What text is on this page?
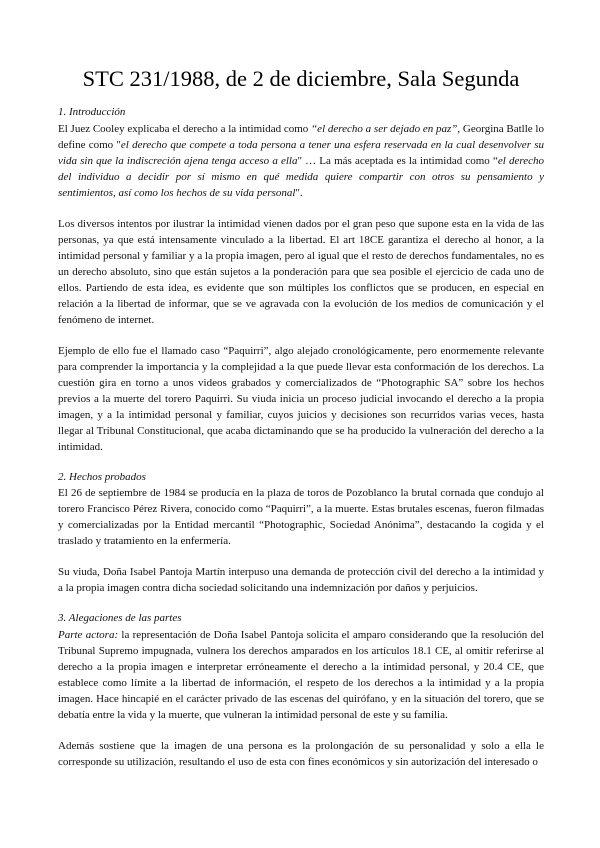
STC 231/1988, de 2 de diciembre, Sala Segunda
1. Introducción

El Juez Cooley explicaba el derecho a la intimidad como “el derecho a ser dejado en paz”, Georgina Batlle lo define como "el derecho que compete a toda persona a tener una esfera reservada en la cual desenvolver su vida sin que la indiscreción ajena tenga acceso a ella" … La más aceptada es la intimidad como “el derecho del individuo a decidir por sí mismo en qué medida quiere compartir con otros su pensamiento y sentimientos, así como los hechos de su vida personal".

Los diversos intentos por ilustrar la intimidad vienen dados por el gran peso que supone esta en la vida de las personas, ya que está intensamente vinculado a la libertad. El art 18CE garantiza el derecho al honor, a la intimidad personal y familiar y a la propia imagen, pero al igual que el resto de derechos fundamentales, no es un derecho absoluto, sino que están sujetos a la ponderación para que sea posible el ejercicio de cada uno de ellos. Partiendo de esta idea, es evidente que son múltiples los conflictos que se producen, en especial en relación a la libertad de informar, que se ve agravada con la evolución de los medios de comunicación y el fenómeno de internet.

Ejemplo de ello fue el llamado caso “Paquirri”, algo alejado cronológicamente, pero enormemente relevante para comprender la importancia y la complejidad a la que puede llevar esta conformación de los derechos. La cuestión gira en torno a unos videos grabados y comercializados de “Photographic SA” sobre los hechos previos a la muerte del torero Paquirri. Su viuda inicia un proceso judicial invocando el derecho a la propia imagen, y a la intimidad personal y familiar, cuyos juicios y decisiones son recurridos varias veces, hasta llegar al Tribunal Constitucional, que acaba dictaminando que se ha producido la vulneración del derecho a la intimidad.

2. Hechos probados

El 26 de septiembre de 1984 se producía en la plaza de toros de Pozoblanco la brutal cornada que condujo al torero Francisco Pérez Rivera, conocido como “Paquirri”, a la muerte. Estas brutales escenas, fueron filmadas y comercializadas por la Entidad mercantil “Photographic, Sociedad Anónima”, destacando la cogida y el traslado y tratamiento en la enfermería.

Su viuda, Doña Isabel Pantoja Martín interpuso una demanda de protección civil del derecho a la intimidad y a la propia imagen contra dicha sociedad solicitando una indemnización por daños y perjuicios.

3. Alegaciones de las partes

Parte actora: la representación de Doña Isabel Pantoja solicita el amparo considerando que la resolución del Tribunal Supremo impugnada, vulnera los derechos amparados en los artículos 18.1 CE, al omitir referirse al derecho a la propia imagen e interpretar erróneamente el derecho a la intimidad personal, y 20.4 CE, que establece como límite a la libertad de información, el respeto de los derechos a la intimidad y a la propia imagen. Hace hincapié en el carácter privado de las escenas del quirófano, y en la situación del torero, que se debatía entre la vida y la muerte, que vulneran la intimidad personal de este y su familia.

Además sostiene que la imagen de una persona es la prolongación de su personalidad y solo a ella le corresponde su utilización, resultando el uso de esta con fines económicos y sin autorización del interesado o
